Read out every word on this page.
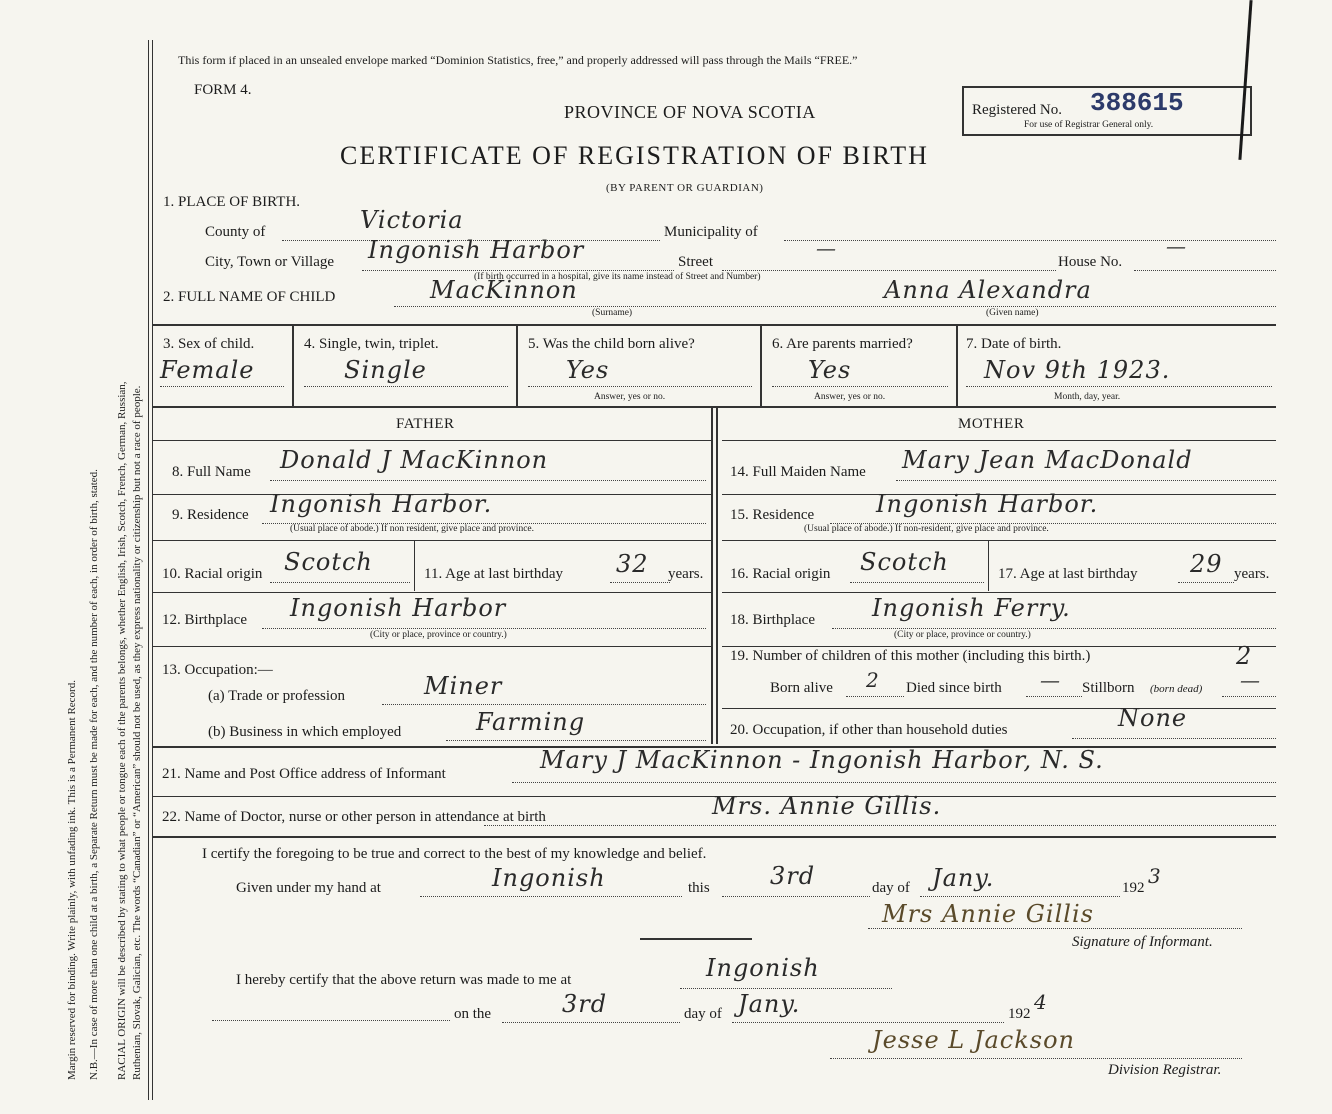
Margin reserved for binding. Write plainly, with unfading ink. This is a Permanent Record. N.B.—In case of more than one child at a birth, a Separate Return must be made for each, and the number of each, in order of birth, stated. RACIAL ORIGIN will be described by stating to what people or tongue each of the parents belongs, whether English, Irish, Scotch, French, German, Russian, Ruthenian, Slovak, Galician, etc. The words “Canadian” or “American” should not be used, as they express nationality or citizenship but not a race of people.
This form if placed in an unsealed envelope marked “Dominion Statistics, free,” and properly addressed will pass through the Mails “FREE.”
FORM 4.
PROVINCE OF NOVA SCOTIA	Registered No. 388615
For use of Registrar General only.
CERTIFICATE OF REGISTRATION OF BIRTH
(BY PARENT OR GUARDIAN)
1. PLACE OF BIRTH.
County of	Victoria	Municipality of
City, Town or Village Ingonish Harbor	Street
—
House No.
—
(If birth occurred in a hospital, give its name instead of Street and Number)
2. FULL NAME OF CHILD	MacKinnon
(Surname)
Anna Alexandra
(Given name)
3. Sex of child.
Female
4. Single, twin, triplet.
Single
5. Was the child born alive?
Yes
Answer, yes or no.
6. Are parents married?
Yes
Answer, yes or no.
7. Date of birth.
Nov 9th 1923.
Month, day, year.
FATHER	MOTHER
8. Full Name Donald J MacKinnon
9. Residence Ingonish Harbor.
(Usual place of abode.) If non resident, give place and province.
10. Racial origin Scotch	11. Age at last birthday 32 years.
12. Birthplace Ingonish Harbor
(City or place, province or country.)
13. Occupation:—
(a) Trade or profession	Miner
(b) Business in which employed	Farming
14. Full Maiden Name Mary Jean MacDonald
15. Residence	Ingonish Harbor.
(Usual place of abode.) If non-resident, give place and province.
16. Racial origin Scotch	17. Age at last birthday 29 years.
18. Birthplace Ingonish Ferry.
(City or place, province or country.)
19. Number of children of this mother (including this birth.)	2
Born alive 2 Died since birth — Stillborn (born dead) —
20. Occupation, if other than household duties	None
21. Name and Post Office address of Informant	Mary J MacKinnon - Ingonish Harbor, N. S.
22. Name of Doctor, nurse or other person in attendance at birth	Mrs. Annie Gillis.
I certify the foregoing to be true and correct to the best of my knowledge and belief.
Given under my hand at	Ingonish	this	3rd	day of Jany.	192 3
Mrs Annie Gillis
Signature of Informant.
I hereby certify that the above return was made to me at	Ingonish
on the	3rd	day of Jany.	192 4
Jesse L Jackson
Division Registrar.
